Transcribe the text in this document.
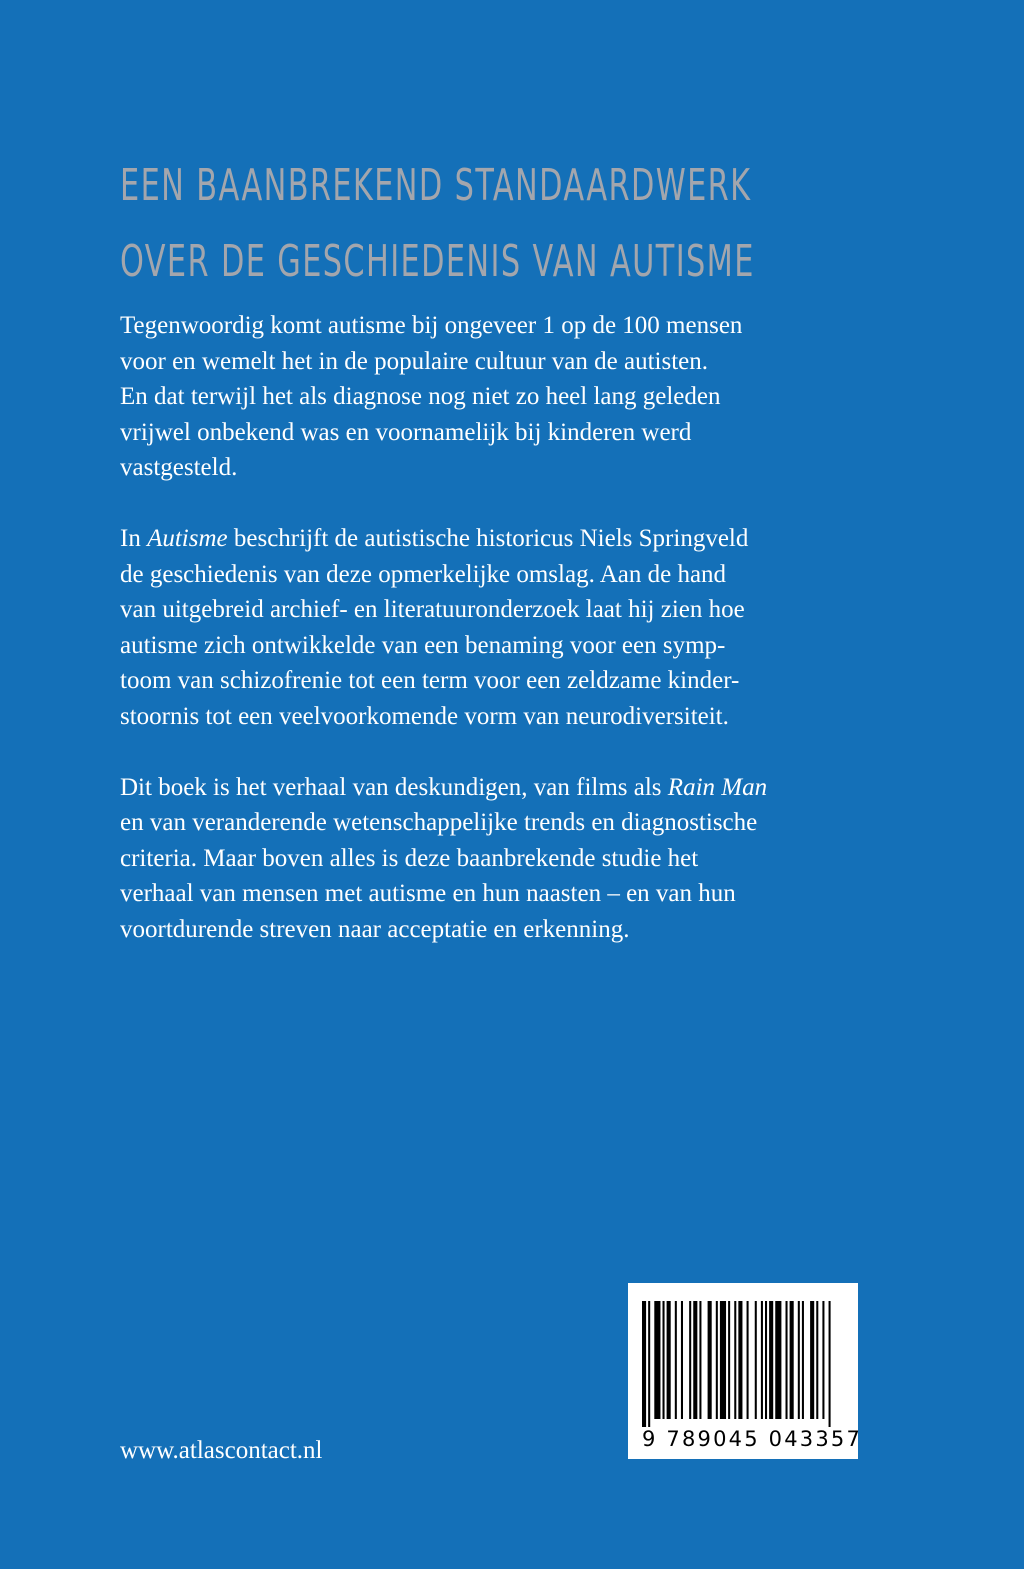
EEN BAANBREKEND STANDAARDWERK
OVER DE GESCHIEDENIS VAN AUTISME
Tegenwoordig komt autisme bij ongeveer 1 op de 100 mensen
voor en wemelt het in de populaire cultuur van de autisten.
En dat terwijl het als diagnose nog niet zo heel lang geleden
vrijwel onbekend was en voornamelijk bij kinderen werd
vastgesteld.
In Autisme beschrijft de autistische historicus Niels Springveld
de geschiedenis van deze opmerkelijke omslag. Aan de hand
van uitgebreid archief- en literatuuronderzoek laat hij zien hoe
autisme zich ontwikkelde van een benaming voor een symp-
toom van schizofrenie tot een term voor een zeldzame kinder-
stoornis tot een veelvoorkomende vorm van neurodiversiteit.
Dit boek is het verhaal van deskundigen, van films als Rain Man
en van veranderende wetenschappelijke trends en diagnostische
criteria. Maar boven alles is deze baanbrekende studie het
verhaal van mensen met autisme en hun naasten – en van hun
voortdurende streven naar acceptatie en erkenning.
www.atlascontact.nl	9 789045 043357
